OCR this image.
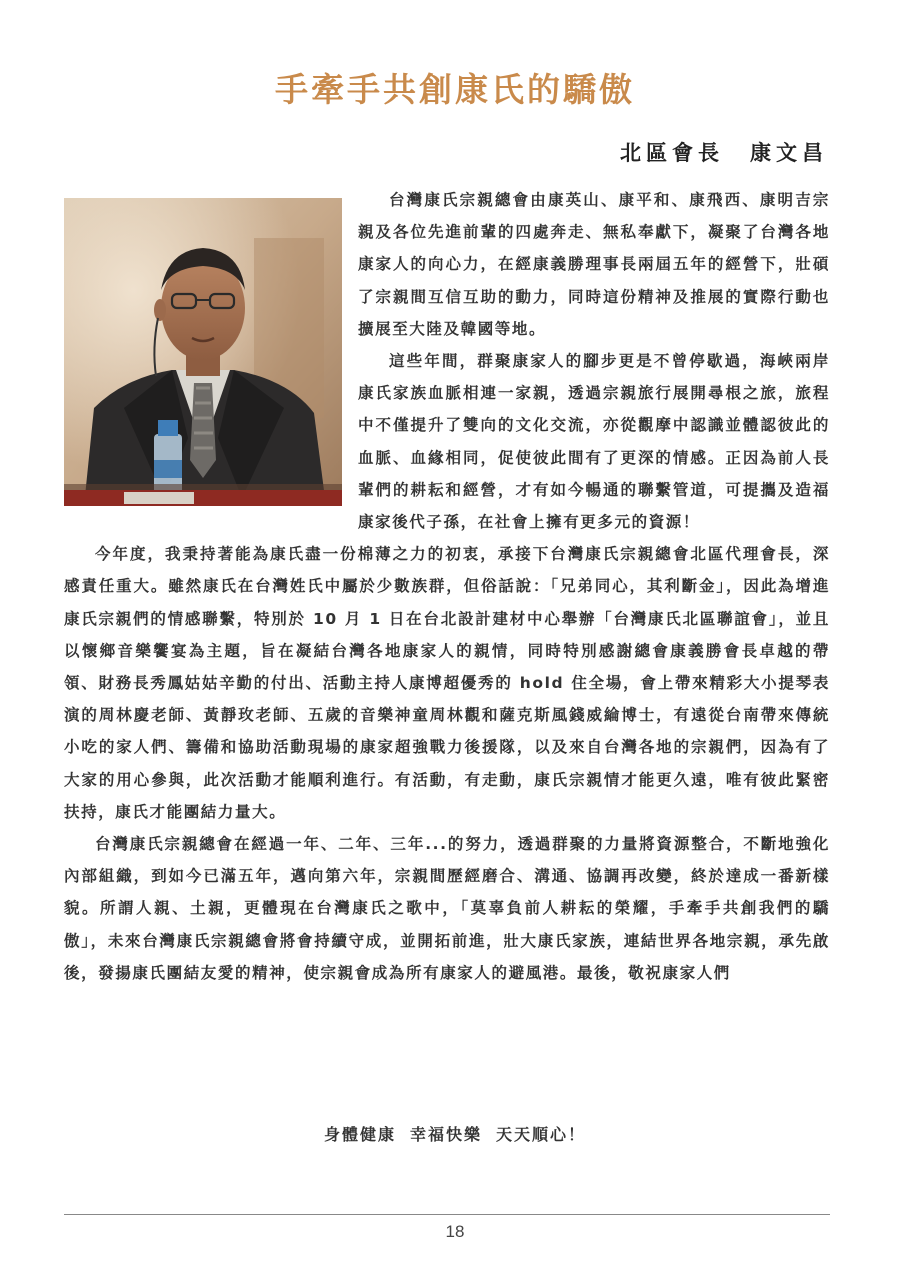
手牽手共創康氏的驕傲
北區會長 康文昌

台灣康氏宗親總會由康英山、康平和、康飛西、康明吉宗親及各位先進前輩的四處奔走、無私奉獻下，凝聚了台灣各地康家人的向心力，在經康義勝理事長兩屆五年的經營下，壯碩了宗親間互信互助的動力，同時這份精神及推展的實際行動也擴展至大陸及韓國等地。

這些年間，群聚康家人的腳步更是不曾停歇過，海峽兩岸康氏家族血脈相連一家親，透過宗親旅行展開尋根之旅，旅程中不僅提升了雙向的文化交流，亦從觀摩中認識並體認彼此的血脈、血緣相同，促使彼此間有了更深的情感。正因為前人長輩們的耕耘和經營，才有如今暢通的聯繫管道，可提攜及造福康家後代子孫，在社會上擁有更多元的資源！

今年度，我秉持著能為康氏盡一份棉薄之力的初衷，承接下台灣康氏宗親總會北區代理會長，深感責任重大。雖然康氏在台灣姓氏中屬於少數族群，但俗話說：「兄弟同心，其利斷金」，因此為增進康氏宗親們的情感聯繫，特別於 10 月 1 日在台北設計建材中心舉辦「台灣康氏北區聯誼會」，並且以懷鄉音樂饗宴為主題，旨在凝結台灣各地康家人的親情，同時特別感謝總會康義勝會長卓越的帶領、財務長秀鳳姑姑辛勤的付出、活動主持人康博超優秀的 hold 住全場，會上帶來精彩大小提琴表演的周林慶老師、黃靜玫老師、五歲的音樂神童周林觀和薩克斯風錢威綸博士，有遠從台南帶來傳統小吃的家人們、籌備和協助活動現場的康家超強戰力後援隊，以及來自台灣各地的宗親們，因為有了大家的用心參與，此次活動才能順利進行。有活動，有走動，康氏宗親情才能更久遠，唯有彼此緊密扶持，康氏才能團結力量大。

台灣康氏宗親總會在經過一年、二年、三年...的努力，透過群聚的力量將資源整合，不斷地強化內部組織，到如今已滿五年，邁向第六年，宗親間歷經磨合、溝通、協調再改變，終於達成一番新樣貌。所謂人親、土親，更體現在台灣康氏之歌中，「莫辜負前人耕耘的榮耀，手牽手共創我們的驕傲」，未來台灣康氏宗親總會將會持續守成，並開拓前進，壯大康氏家族，連結世界各地宗親，承先啟後，發揚康氏團結友愛的精神，使宗親會成為所有康家人的避風港。最後，敬祝康家人們

身體健康 幸福快樂 天天順心！
18
